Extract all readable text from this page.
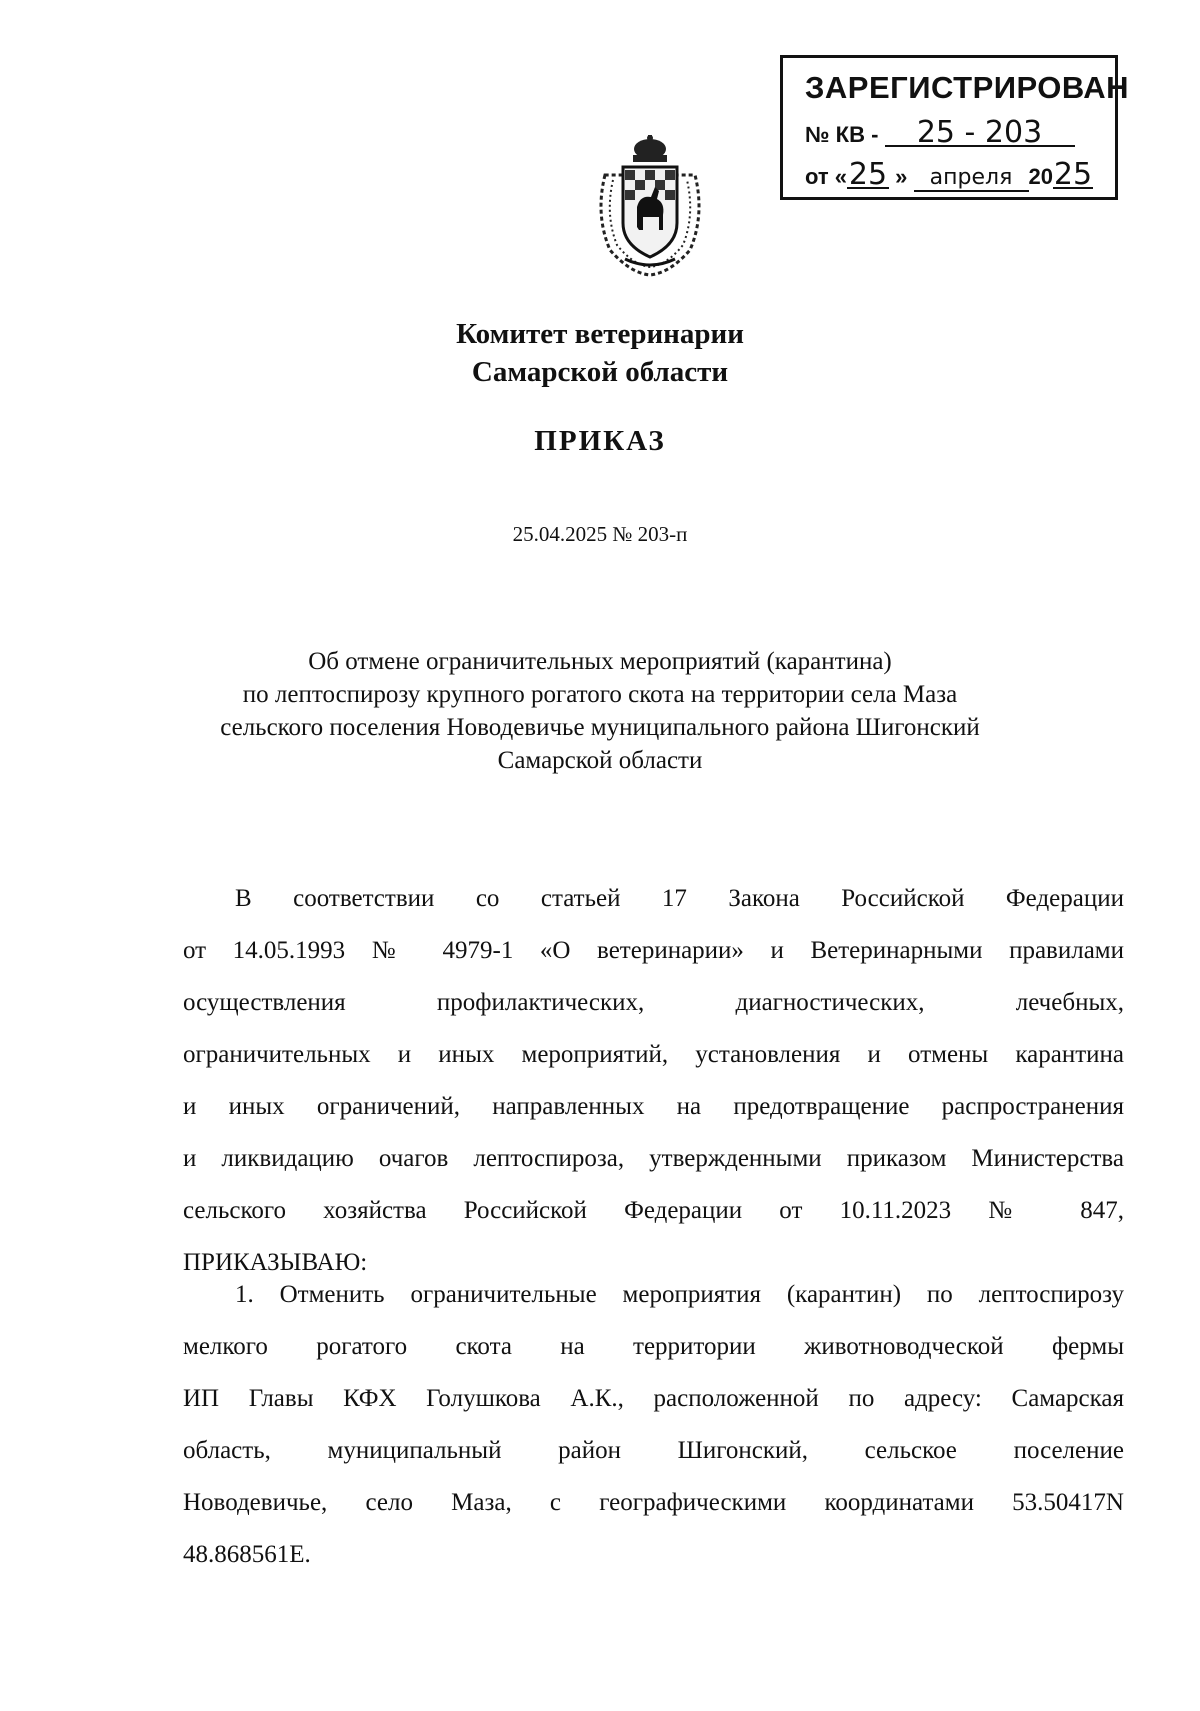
ЗАРЕГИСТРИРОВАН
№ КВ - 25 - 203
от «25 » апреля 2025
Комитет ветеринарии
Самарской области
ПРИКАЗ
25.04.2025 № 203-п
Об отмене ограничительных мероприятий (карантина)
по лептоспирозу крупного рогатого скота на территории села Маза
сельского поселения Новодевичье муниципального района Шигонский
Самарской области
В соответствии со статьей 17 Закона Российской Федерации
от 14.05.1993 № 4979-1 «О ветеринарии» и Ветеринарными правилами
осуществления профилактических, диагностических, лечебных,
ограничительных и иных мероприятий, установления и отмены карантина
и иных ограничений, направленных на предотвращение распространения
и ликвидацию очагов лептоспироза, утвержденными приказом Министерства
сельского хозяйства Российской Федерации от 10.11.2023 № 847,
ПРИКАЗЫВАЮ:
1. Отменить ограничительные мероприятия (карантин) по лептоспирозу
мелкого рогатого скота на территории животноводческой фермы
ИП Главы КФХ Голушкова А.К., расположенной по адресу: Самарская
область, муниципальный район Шигонский, сельское поселение
Новодевичье, село Маза, с географическими координатами 53.50417N
48.868561E.
